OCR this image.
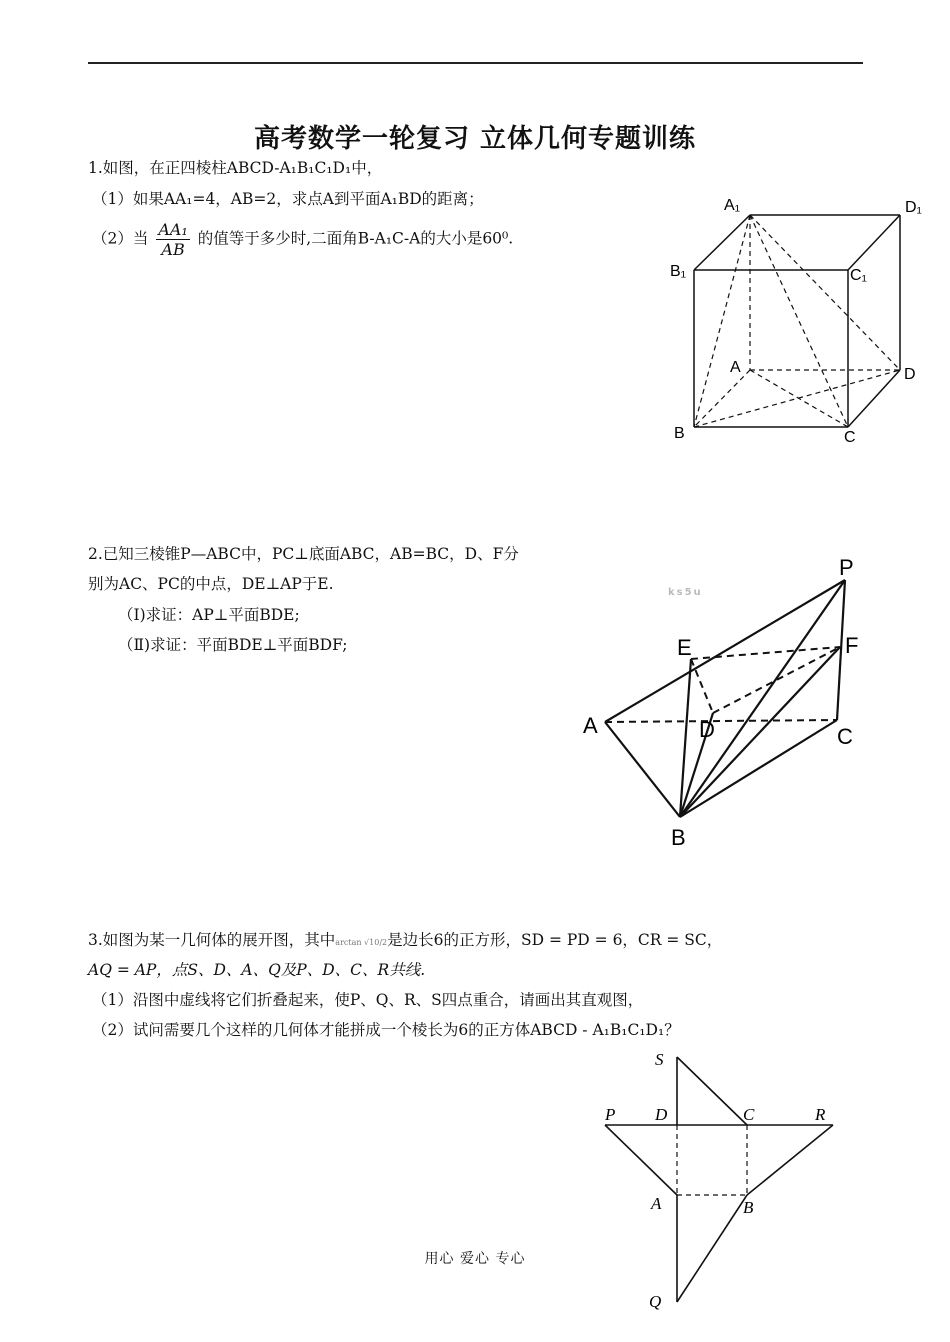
高考数学一轮复习 立体几何专题训练
1.如图，在正四棱柱ABCD-A₁B₁C₁D₁中，
（1）如果AA₁=4，AB=2，求点A到平面A₁BD的距离；
（2）当 $\frac{\text{AA₁}}{AB}$ 的值等于多少时,二面角B-A₁C-A的大小是60⁰.
A₁	D₁
B₁	C₁
A	D
B	C
2.已知三棱锥P—ABC中，PC⊥底面ABC，AB=BC，D、F分
别为AC、PC的中点，DE⊥AP于E.
（Ⅰ)求证：AP⊥平面BDE;
（Ⅱ)求证：平面BDE⊥平面BDF;
ks5u
P
E	F
A	D	C
B
3.如图为某一几何体的展开图，其中arctan √10/2是边长6的正方形，SD = PD = 6，CR = SC，
AQ = AP，点S、D、A、Q及P、D、C、R共线.
（1）沿图中虚线将它们折叠起来，使P、Q、R、S四点重合，请画出其直观图，
（2）试问需要几个这样的几何体才能拼成一个棱长为6的正方体ABCD - A₁B₁C₁D₁？
S
P D	C	R
A	B
Q
用心 爱心 专心
